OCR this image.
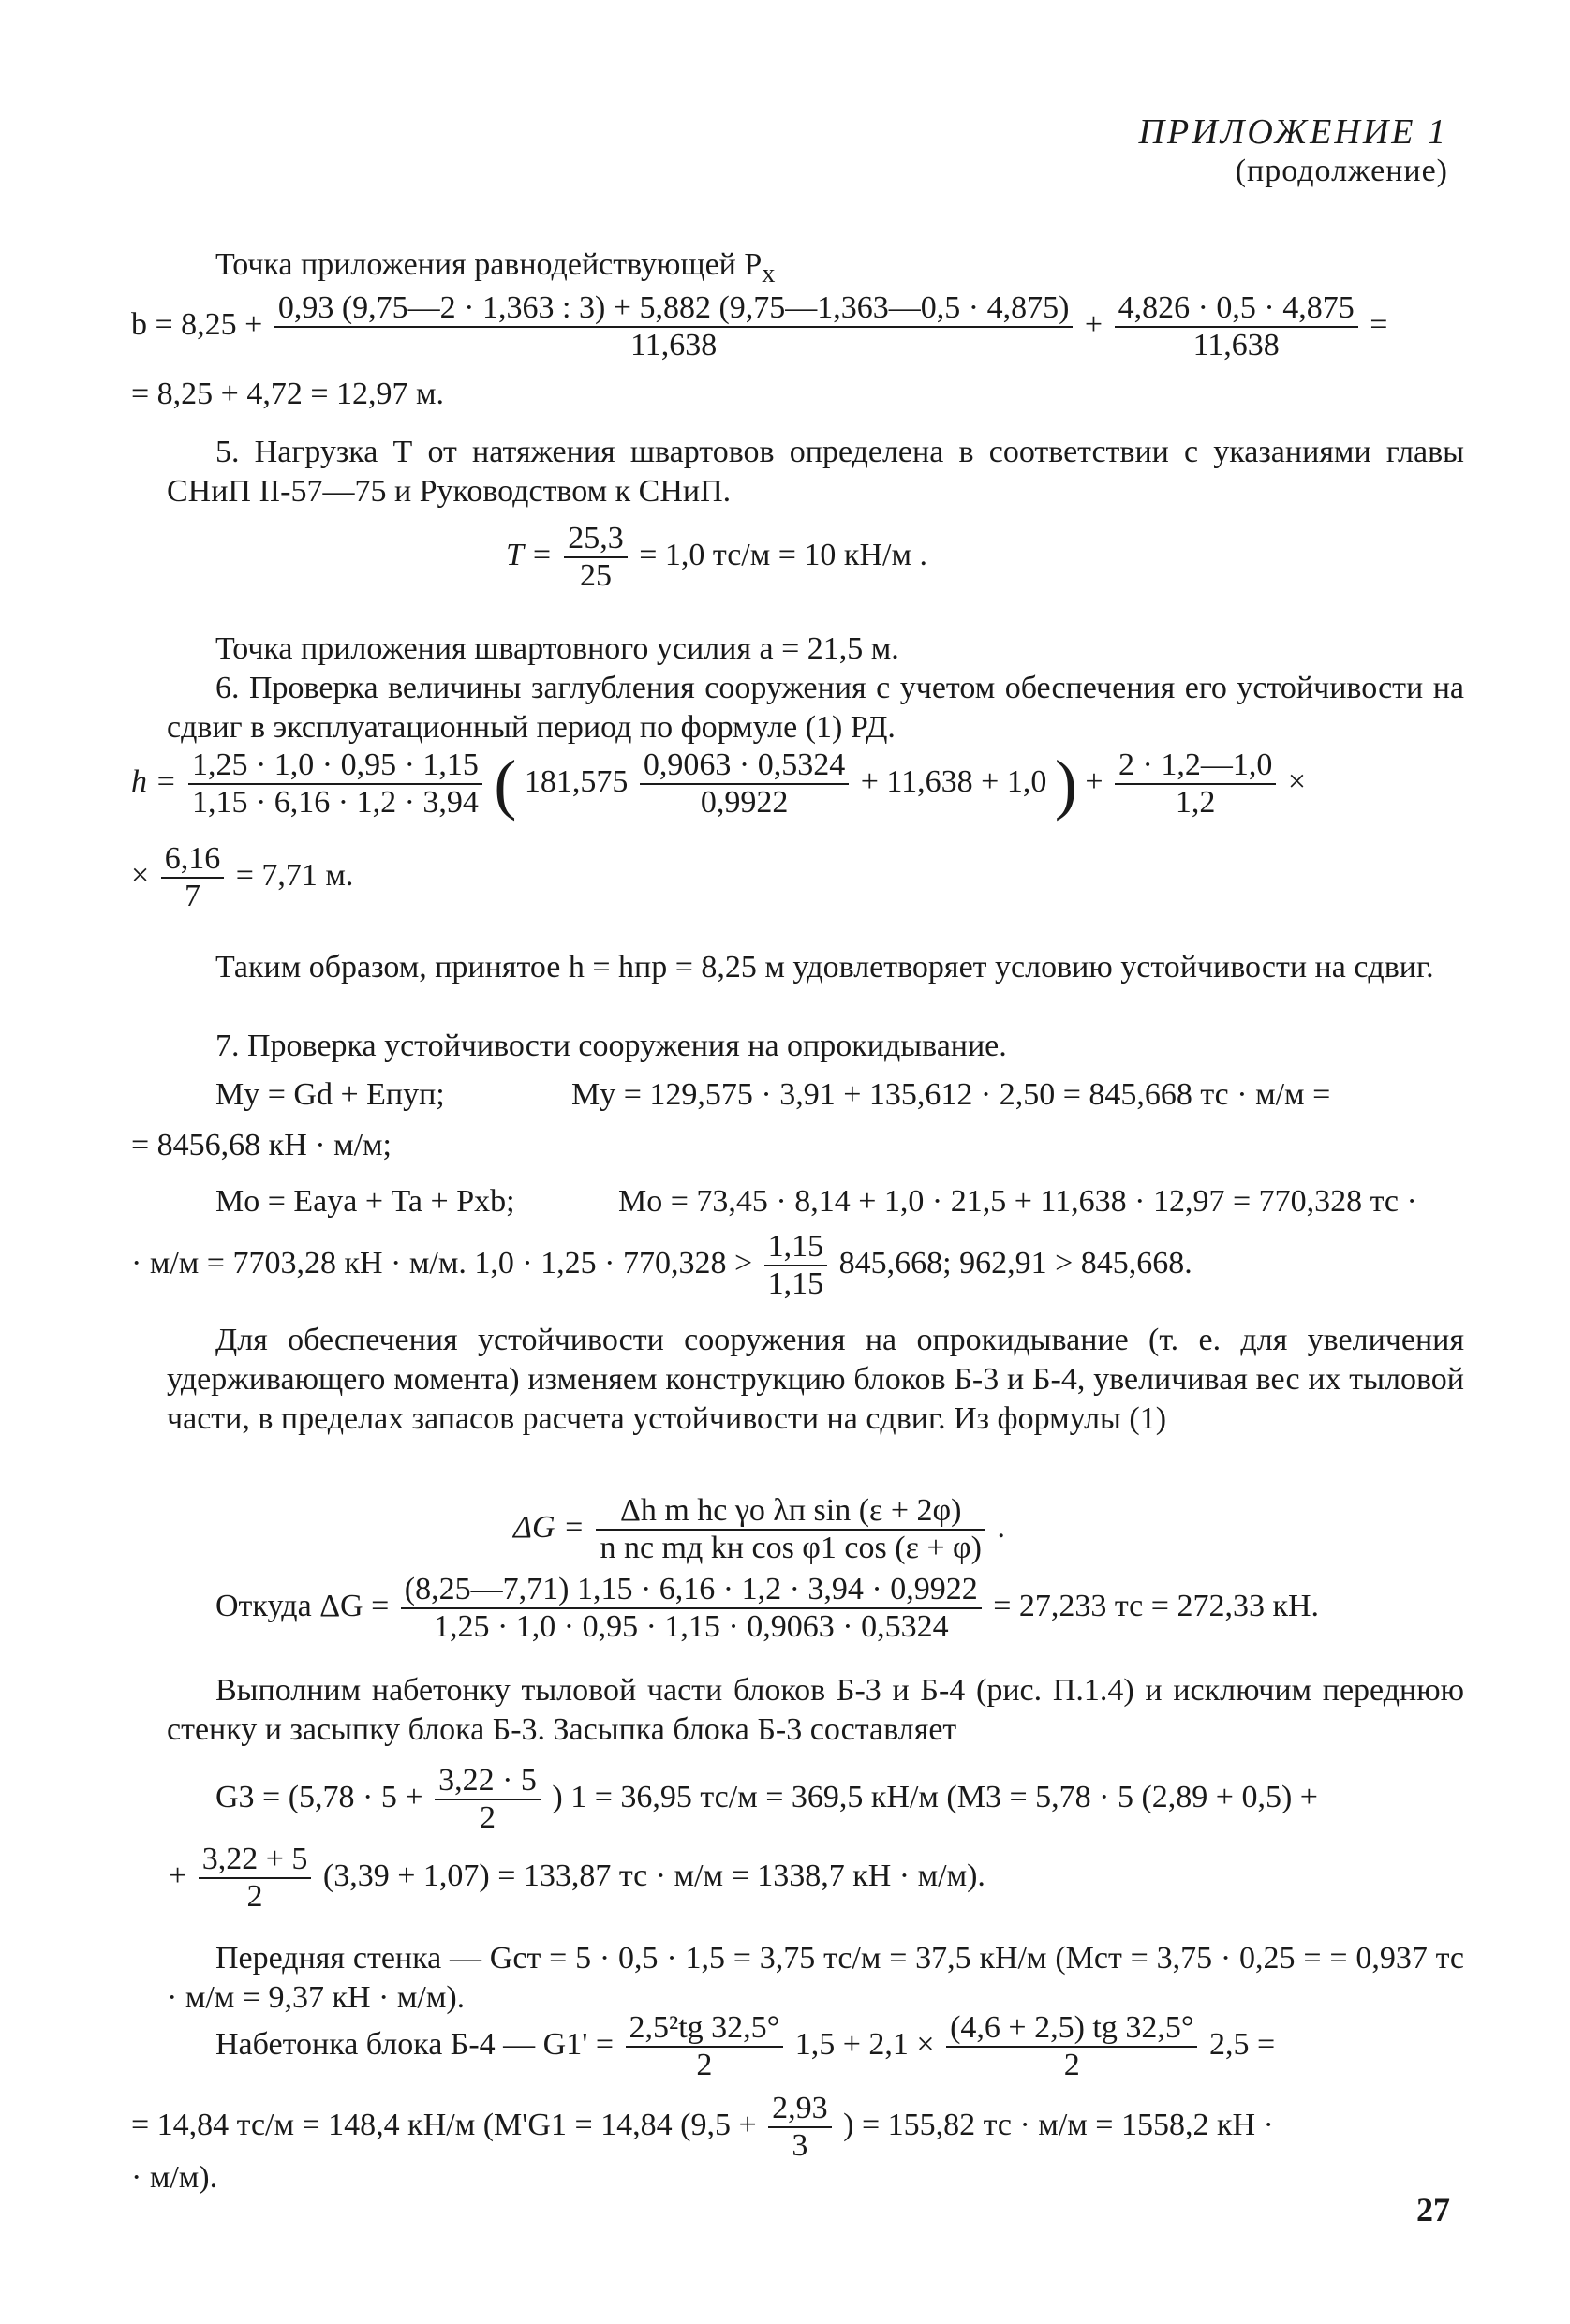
ПРИЛОЖЕНИЕ 1
(продолжение)
Точка приложения равнодействующей $P_x$
$b = 8,25 + \frac{0,93 (9,75—2 \cdot 1,363 : 3) + 5,882 (9,75—1,363—0,5 \cdot 4,875)}{11,638} + \frac{4,826 \cdot 0,5 \cdot 4,875}{11,638}$ =
= 8,25 + 4,72 = 12,97 м.
5. Нагрузка Т от натяжения швартовов определена в соответствии с указаниями главы СНиП II-57—75 и Руководством к СНиП.
$T = \frac{25,3}{25} = 1,0$ тс/м = 10 кН/м .
Точка приложения швартовного усилия a = 21,5 м.
6. Проверка величины заглубления сооружения с учетом обеспечения его устойчивости на сдвиг в эксплуатационный период по формуле (1) РД.
$h = \frac{1,25 \cdot 1,0 \cdot 0,95 \cdot 1,15}{1,15 \cdot 6,16 \cdot 1,2 \cdot 3,94}$ ( $181,575 \frac{0,9063 \cdot 0,5324}{0,9922} + 11,638 + 1,0$ ) + $\frac{2 \cdot 1,2—1,0}{1,2}$ ×
× $\frac{6,16}{7} = 7,71$ м.
Таким образом, принятое h = hпр = 8,25 м удовлетворяет условию устойчивости на сдвиг.
7. Проверка устойчивости сооружения на опрокидывание.
My = Gd + Eпyп;	My = 129,575 · 3,91 + 135,612 · 2,50 = 845,668 тс · м/м =
= 8456,68 кН · м/м;
Mо = Eаyа + Ta + Pxb;	Mо = 73,45 · 8,14 + 1,0 · 21,5 + 11,638 · 12,97 = 770,328 тс ·
· м/м = 7703,28 кН · м/м. $1,0 \cdot 1,25 \cdot 770,328 > \frac{1,15}{1,15} 845,668$; 962,91 > 845,668.
Для обеспечения устойчивости сооружения на опрокидывание (т. е. для увеличения удерживающего момента) изменяем конструкцию блоков Б-3 и Б-4, увеличивая вес их тыловой части, в пределах запасов расчета устойчивости на сдвиг. Из формулы (1)
$\Delta G = \frac{\text{Δh m hс γо λп sin (ε + 2φ)}}{\text{n nс mд kн cos φ1 cos (ε + φ)}}$ .
Откуда $\Delta G = \frac{(8,25—7,71) 1,15 \cdot 6,16 \cdot 1,2 \cdot 3,94 \cdot 0,9922}{1,25 \cdot 1,0 \cdot 0,95 \cdot 1,15 \cdot 0,9063 \cdot 0,5324} = 27,233$ тс = 272,33 кН.
Выполним набетонку тыловой части блоков Б-3 и Б-4 (рис. П.1.4) и исключим переднюю стенку и засыпку блока Б-3. Засыпка блока Б-3 составляет
$G3 = (5,78 \cdot 5 + \frac{3,22 \cdot 5}{2}$ ) 1 = 36,95 тс/м = 369,5 кН/м (M3 = 5,78 · 5 (2,89 + 0,5) +
+ $\frac{3,22 + 5}{2} (3,39 + 1,07) = 133,87$ тс · м/м = 1338,7 кН · м/м).
Передняя стенка — Gст = 5 · 0,5 · 1,5 = 3,75 тс/м = 37,5 кН/м (Mст = 3,75 · 0,25 = = 0,937 тс · м/м = 9,37 кН · м/м).
Набетонка блока Б-4 — $G1' = \frac{\text{2,5²tg 32,5°}}{2} 1,5 + 2,1 \times \frac{(4,6 + 2,5) tg 32,5^\circ}{2} 2,5$ =
= 14,84 тс/м = 148,4 кН/м (M'G1 = 14,84 ($9,5 + \frac{2,93}{3}$ ) = 155,82 тс · м/м = 1558,2 кН ·
· м/м).
27
